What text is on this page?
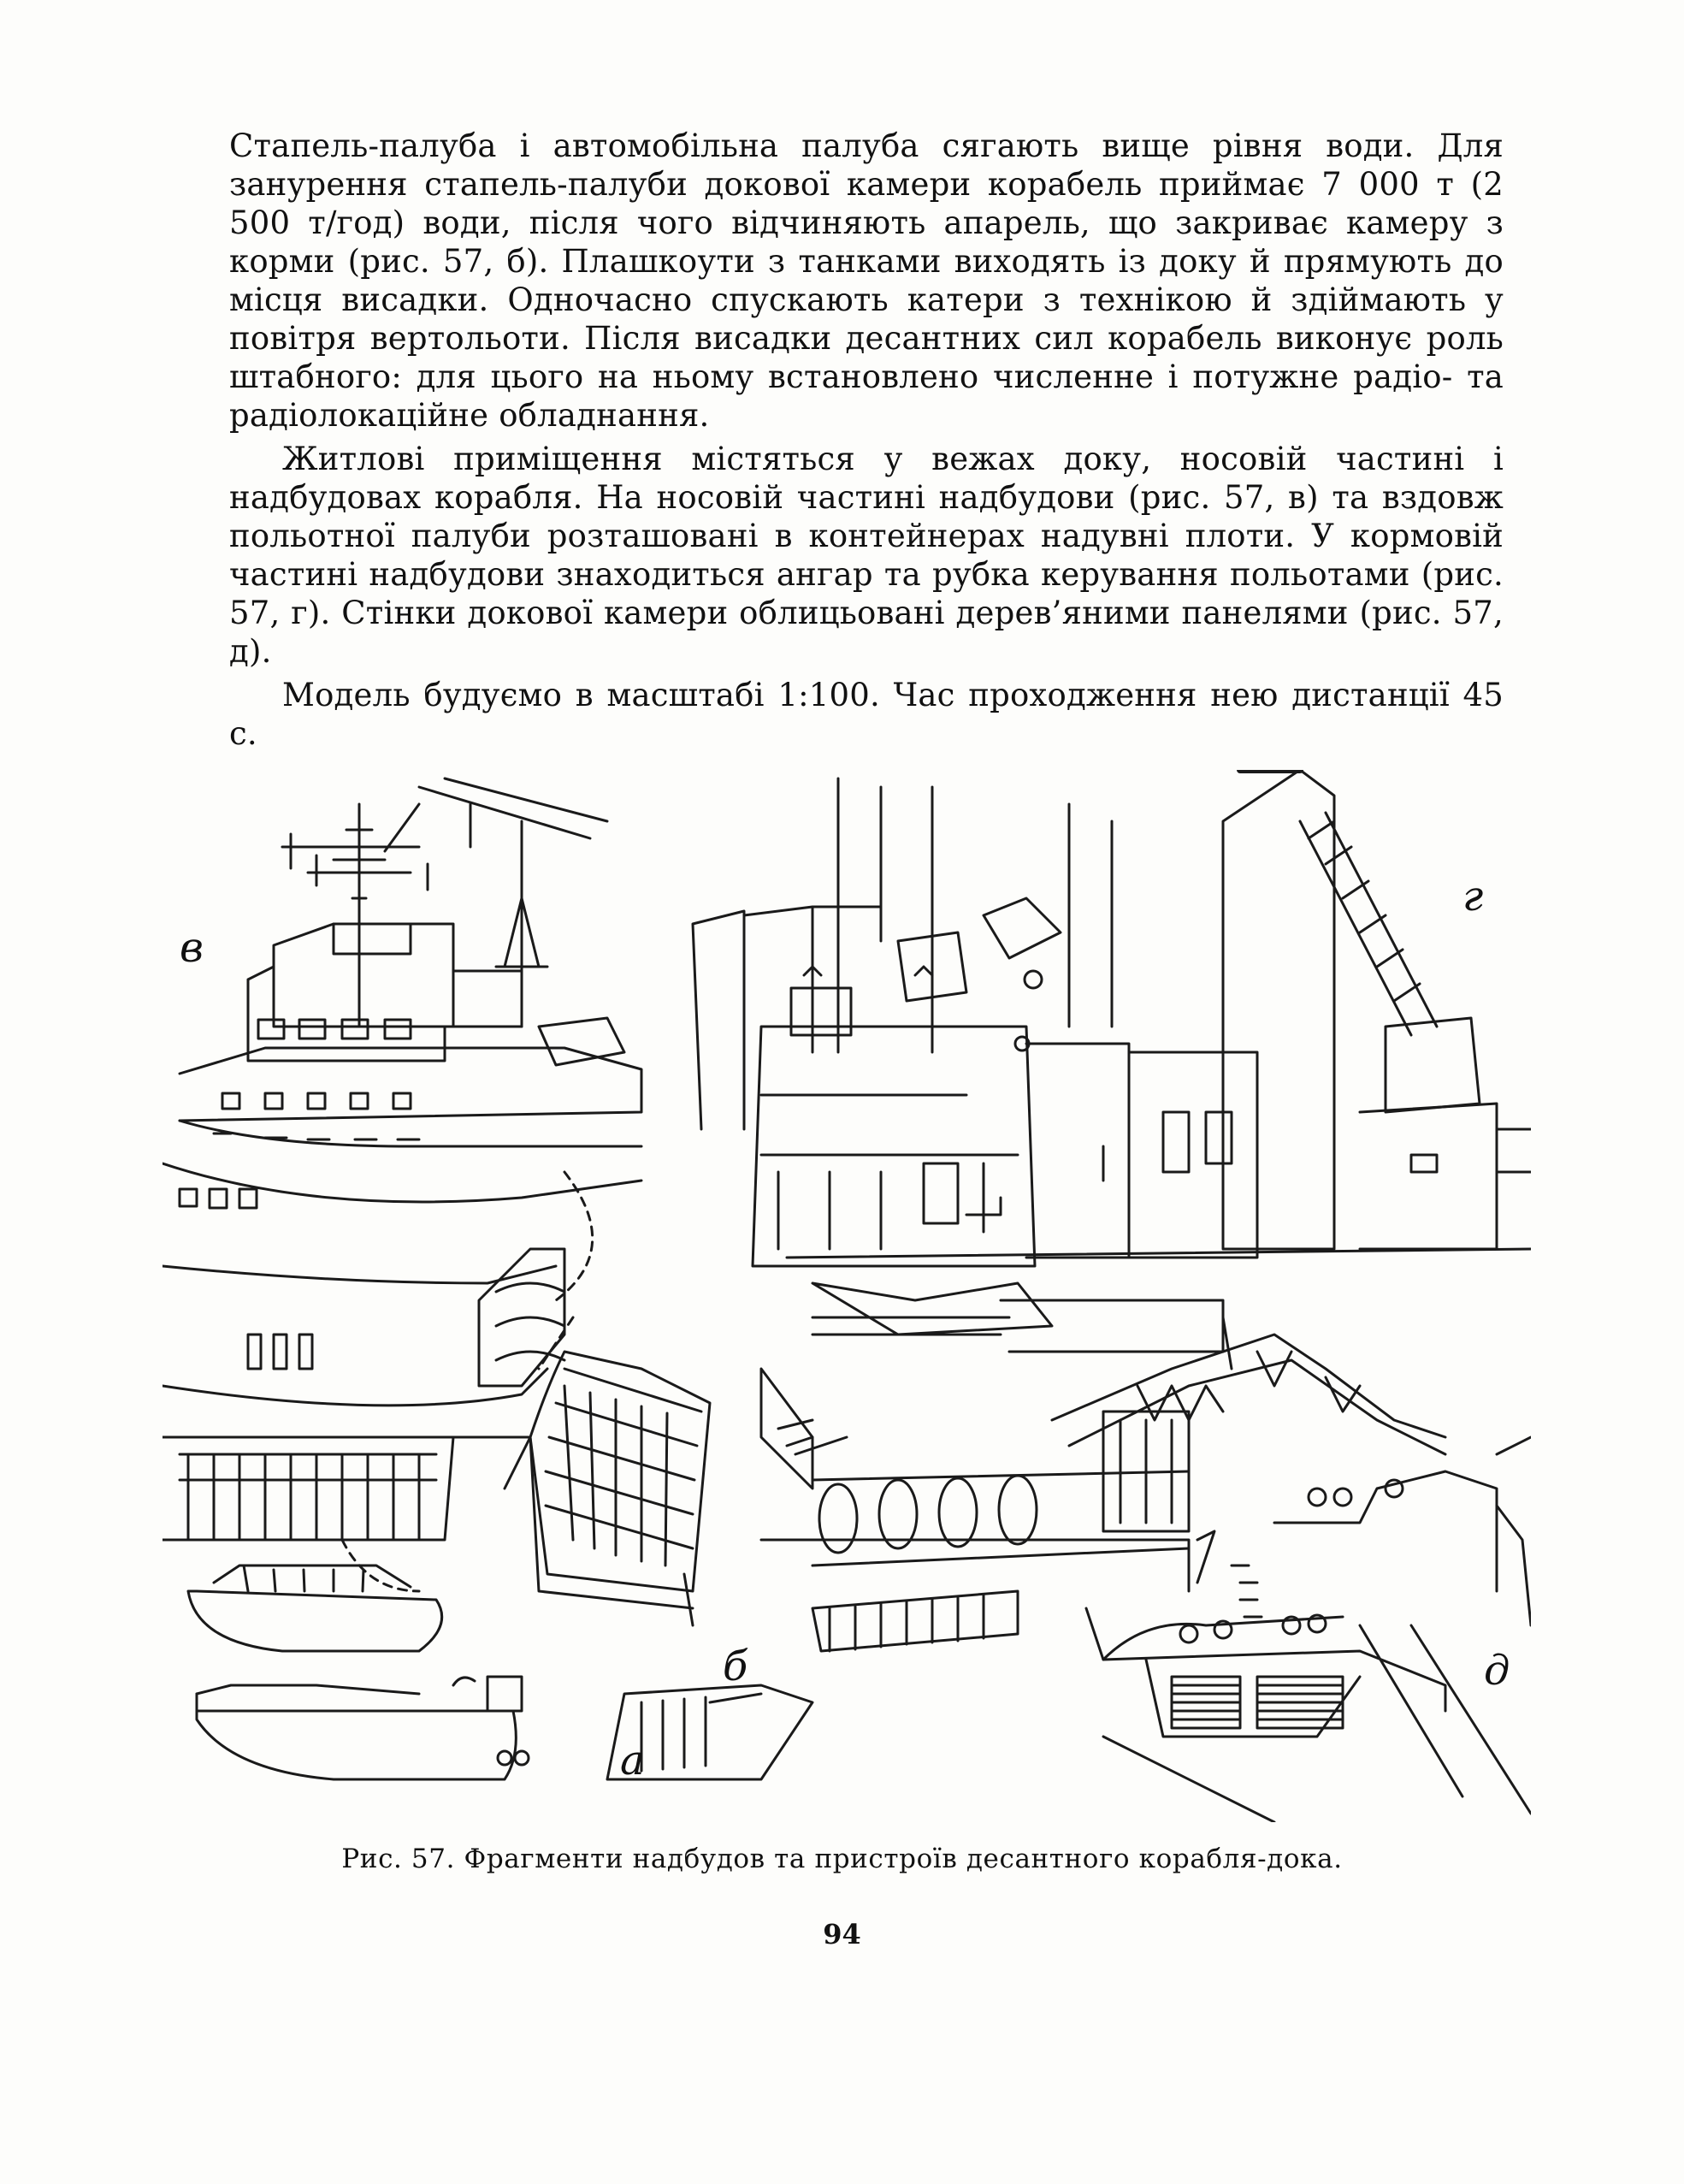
Стапель-палуба і автомобільна палуба сягають вище рівня води. Для занурення стапель-палуби докової камери корабель приймає 7 000 т (2 500 т/год) води, після чого відчиняють апарель, що закриває камеру з корми (рис. 57, б). Плашкоути з танками виходять із доку й прямують до місця висадки. Одночасно спускають катери з технікою й здіймають у повітря вертольоти. Після висадки десантних сил корабель виконує роль штабного: для цього на ньому встановлено численне і потужне радіо- та радіолокаційне обладнання.

Житлові приміщення містяться у вежах доку, носовій частині і надбудовах корабля. На носовій частині надбудови (рис. 57, в) та вздовж польотної палуби розташовані в контейнерах надувні плоти. У кормовій частині надбудови знаходиться ангар та рубка керування польотами (рис. 57, г). Стінки докової камери облицьовані дерев’яними панелями (рис. 57, д).

Модель будуємо в масштабі 1:100. Час проходження нею дистанції 45 с.

в
г
б	д
а
Рис. 57. Фрагменти надбудов та пристроїв десантного корабля-дока.
94
